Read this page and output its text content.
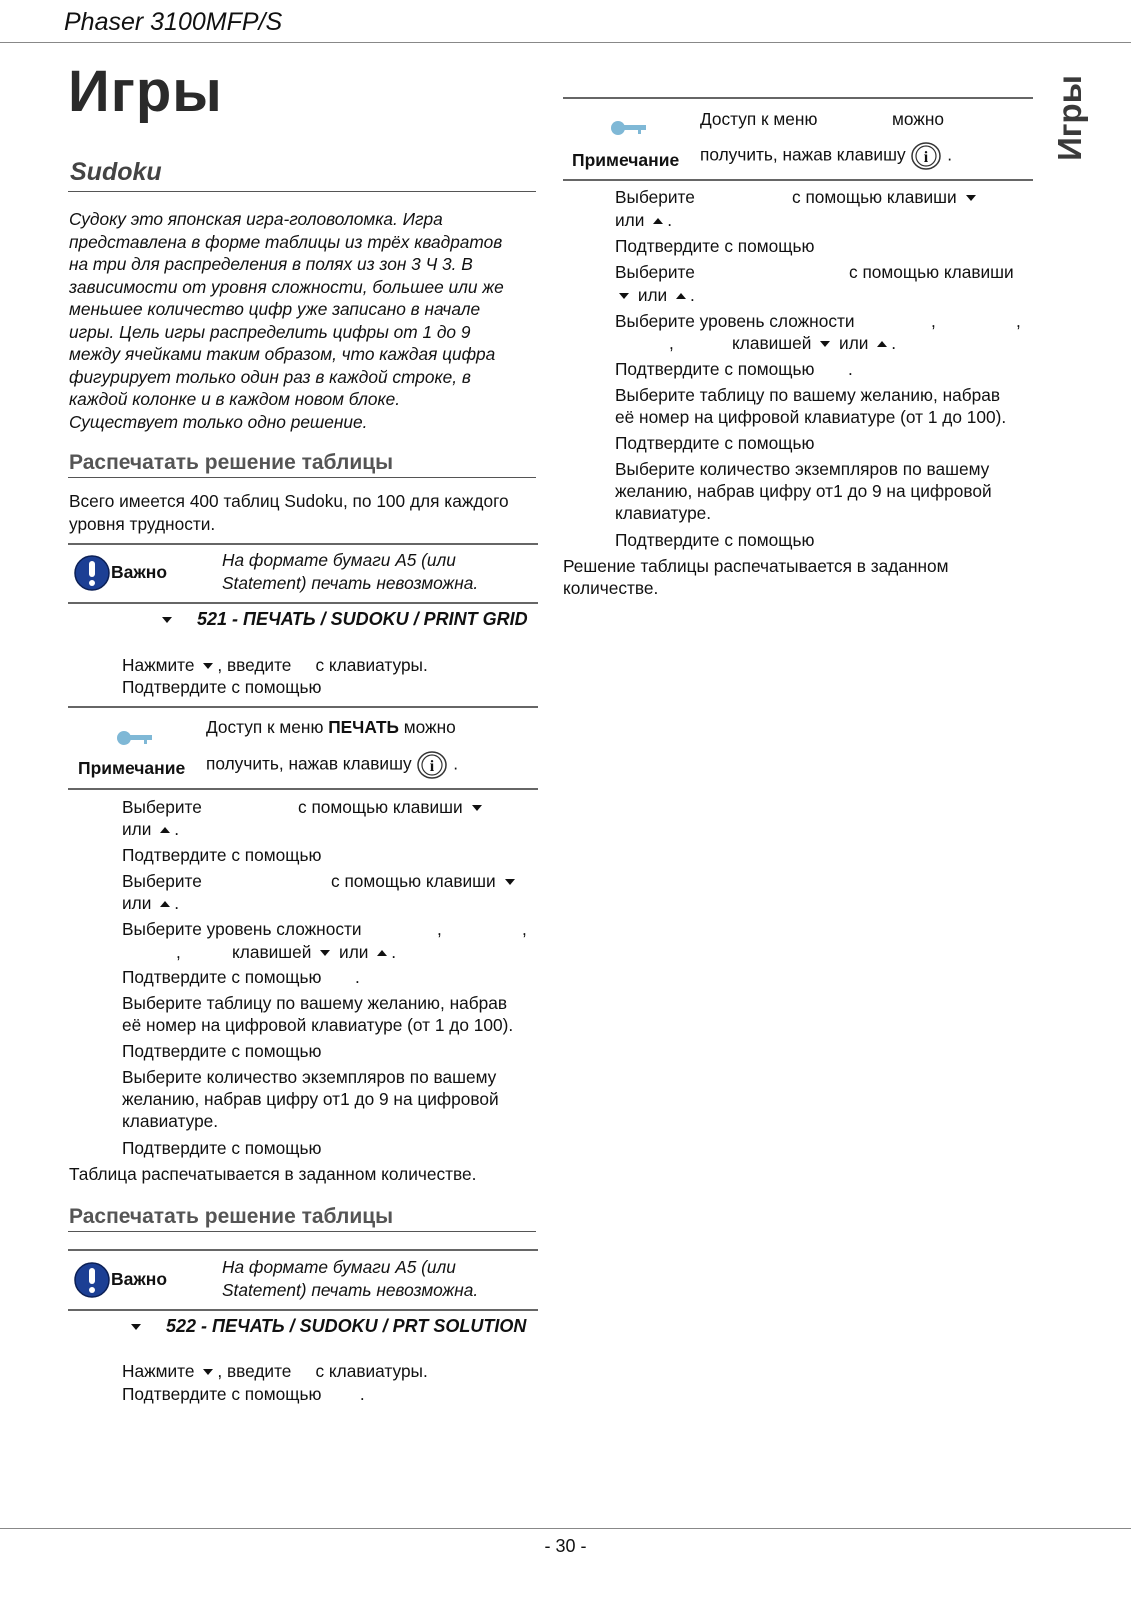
Phaser 3100MFP/S
Игры
Игры
Sudoku
Судоку это японская игра-головоломка. Игра
представлена в форме таблицы из трёх квадратов
на три для распределения в полях из зон 3 Ч 3. В
зависимости от уровня сложности, большее или же
меньшее количество цифр уже записано в начале
игры. Цель игры распределить цифры от 1 до 9
между ячейками таким образом, что каждая цифра
фигурирует только один раз в каждой строке, в
каждой колонке и в каждом новом блоке.
Существует только одно решение.
Распечатать решение таблицы
Всего имеется 400 таблиц Sudoku, по 100 для каждого
уровня трудности.
Важно
На формате бумаги A5 (или
Statement) печать невозможна.
521 - ПЕЧАТЬ / SUDOKU / PRINT GRID
Нажмите , введите с клавиатуры.
Подтвердите с помощью
Примечание
Доступ к меню ПЕЧАТЬ можно
получить, нажав клавишу i .
Выберите	с помощью клавиши
или .
Подтвердите с помощью
Выберите	с помощью клавиши
или .
Выберите уровень сложности	,	,
,	клавишей или .
Подтвердите с помощью       .
Выберите таблицу по вашему желанию, набрав
её номер на цифровой клавиатуре (от 1 до 100).
Подтвердите с помощью
Выберите количество экземпляров по вашему
желанию, набрав цифру от1 до 9 на цифровой
клавиатуре.
Подтвердите с помощью
Таблица распечатывается в заданном количестве.
Распечатать решение таблицы
Важно
На формате бумаги A5 (или
Statement) печать невозможна.
522 - ПЕЧАТЬ / SUDOKU / PRT SOLUTION
Нажмите , введите с клавиатуры.
Подтвердите с помощью        .
Примечание
Доступ к меню	можно
получить, нажав клавишу i .
Выберите	с помощью клавиши
или .
Подтвердите с помощью
Выберите	с помощью клавиши
или .
Выберите уровень сложности	,	,
,	клавишей или .
Подтвердите с помощью       .
Выберите таблицу по вашему желанию, набрав
её номер на цифровой клавиатуре (от 1 до 100).
Подтвердите с помощью
Выберите количество экземпляров по вашему
желанию, набрав цифру от1 до 9 на цифровой
клавиатуре.
Подтвердите с помощью
Решение таблицы распечатывается в заданном
количестве.
- 30 -
